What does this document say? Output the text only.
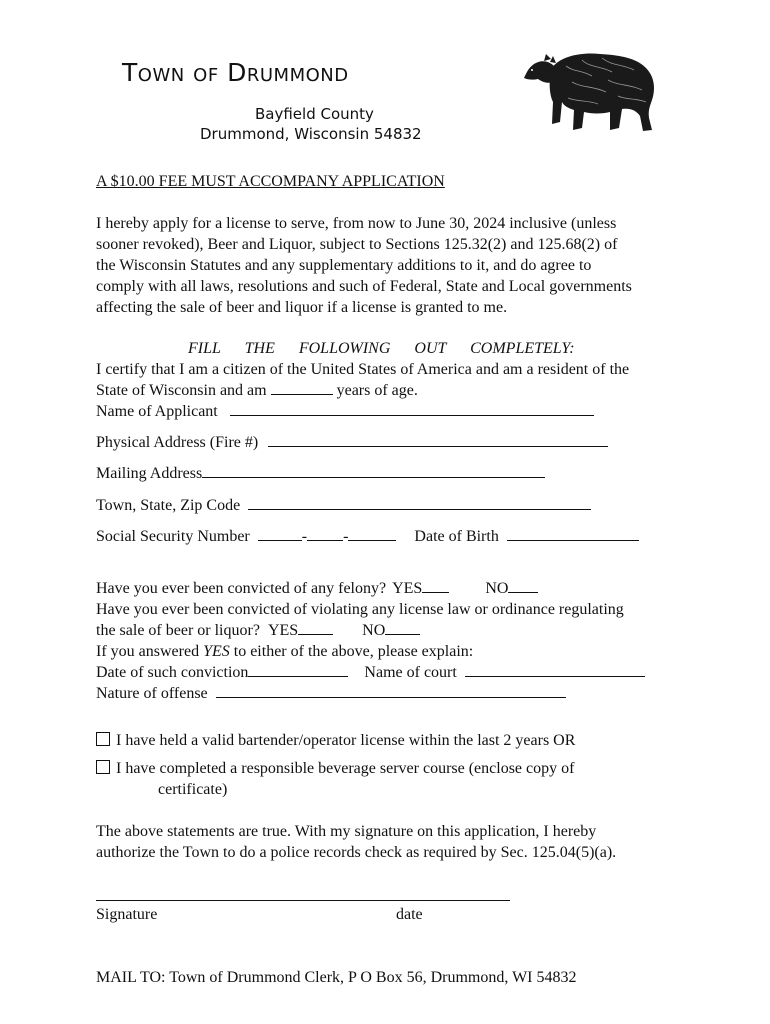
Town of Drummond
Bayfield County
Drummond, Wisconsin 54832
A $10.00 FEE MUST ACCOMPANY APPLICATION
I hereby apply for a license to serve, from now to June 30, 2024 inclusive (unless
sooner revoked), Beer and Liquor, subject to Sections 125.32(2) and 125.68(2) of
the Wisconsin Statutes and any supplementary additions to it, and do agree to
comply with all laws, resolutions and such of Federal, State and Local governments
affecting the sale of beer and liquor if a license is granted to me.
FILL THE FOLLOWING OUT COMPLETELY:
I certify that I am a citizen of the United States of America and am a resident of the
State of Wisconsin and am	years of age.
Name of Applicant
Physical Address (Fire #)
Mailing Address
Town, State, Zip Code
Social Security Number	- -	Date of Birth
Have you ever been convicted of any felony? YES	NO
Have you ever been convicted of violating any license law or ordinance regulating
the sale of beer or liquor? YES	NO
If you answered YES to either of the above, please explain:
Date of such conviction	Name of court
Nature of offense
I have held a valid bartender/operator license within the last 2 years OR
I have completed a responsible beverage server course (enclose copy of
certificate)
The above statements are true. With my signature on this application, I hereby
authorize the Town to do a police records check as required by Sec. 125.04(5)(a).
Signature	date
MAIL TO: Town of Drummond Clerk, P O Box 56, Drummond, WI 54832
